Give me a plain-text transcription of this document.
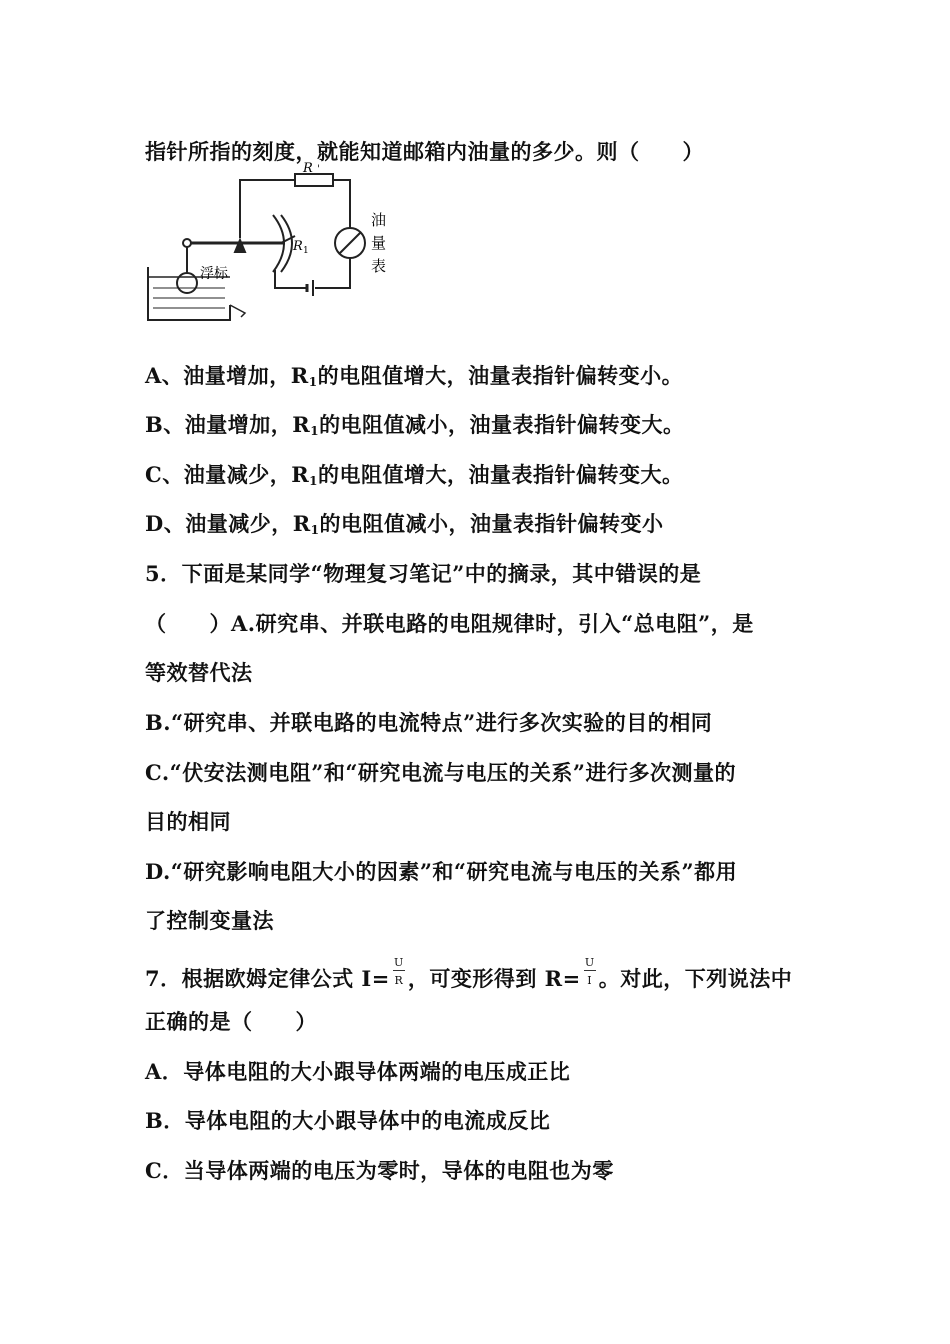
指针所指的刻度，就能知道邮箱内油量的多少。则（　　）
R '
R 1
浮标
油
量
表
A、油量增加，$R_1$的电阻值增大，油量表指针偏转变小。
B、油量增加，$R_1$的电阻值减小，油量表指针偏转变大。
C、油量减少，$R_1$的电阻值增大，油量表指针偏转变大。
D、油量减少，$R_1$的电阻值减小，油量表指针偏转变小
5．下面是某同学“物理复习笔记”中的摘录，其中错误的是
（　　）A.研究串、并联电路的电阻规律时，引入“总电阻”，是
等效替代法
B.“研究串、并联电路的电流特点”进行多次实验的目的相同
C.“伏安法测电阻”和“研究电流与电压的关系”进行多次测量的
目的相同
D.“研究影响电阻大小的因素”和“研究电流与电压的关系”都用
了控制变量法
7．根据欧姆定律公式 $I= \frac{U}{R}$ ，可变形得到 $R= \frac{U}{I}$ 。对此，下列说法中
正确的是（　　）
A．导体电阻的大小跟导体两端的电压成正比
B．导体电阻的大小跟导体中的电流成反比
C．当导体两端的电压为零时，导体的电阻也为零
